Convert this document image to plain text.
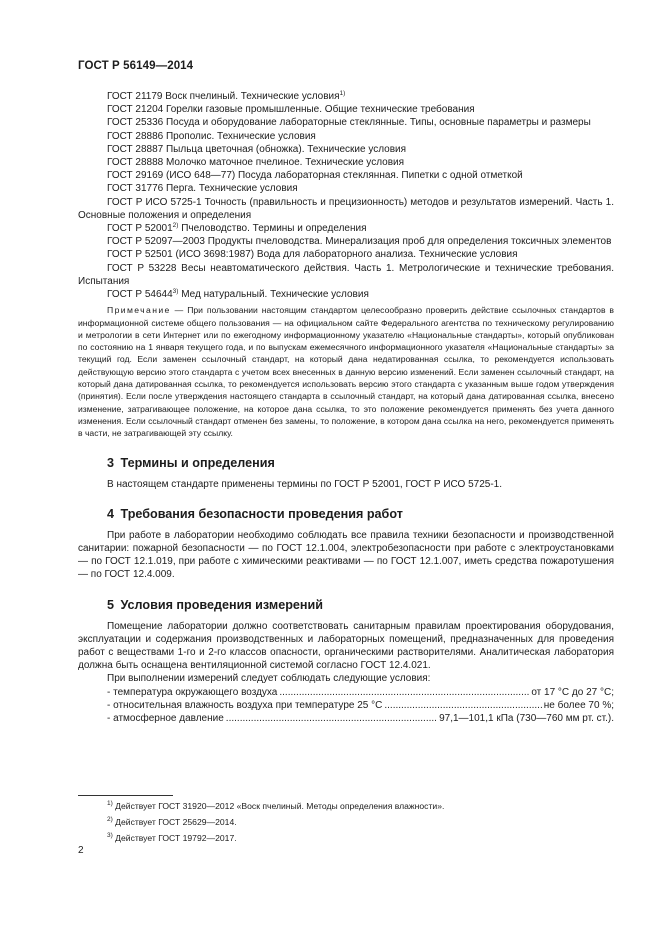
ГОСТ Р 56149—2014

ГОСТ 21179 Воск пчелиный. Технические условия$^{1)}$

ГОСТ 21204 Горелки газовые промышленные. Общие технические требования

ГОСТ 25336 Посуда и оборудование лабораторные стеклянные. Типы, основные параметры и размеры

ГОСТ 28886 Прополис. Технические условия

ГОСТ 28887 Пыльца цветочная (обножка). Технические условия

ГОСТ 28888 Молочко маточное пчелиное. Технические условия

ГОСТ 29169 (ИСО 648—77) Посуда лабораторная стеклянная. Пипетки с одной отметкой

ГОСТ 31776 Перга. Технические условия

ГОСТ Р ИСО 5725-1 Точность (правильность и прецизионность) методов и результатов измерений. Часть 1. Основные положения и определения

ГОСТ Р 52001$^{2)}$ Пчеловодство. Термины и определения

ГОСТ Р 52097—2003 Продукты пчеловодства. Минерализация проб для определения токсичных элементов

ГОСТ Р 52501 (ИСО 3698:1987) Вода для лабораторного анализа. Технические условия

ГОСТ Р 53228 Весы неавтоматического действия. Часть 1. Метрологические и технические требования. Испытания

ГОСТ Р 54644$^{3)}$ Мед натуральный. Технические условия

Примечание — При пользовании настоящим стандартом целесообразно проверить действие ссылочных стандартов в информационной системе общего пользования — на официальном сайте Федерального агентства по техническому регулированию и метрологии в сети Интернет или по ежегодному информационному указателю «Национальные стандарты», который опубликован по состоянию на 1 января текущего года, и по выпускам ежемесячного информационного указателя «Национальные стандарты» за текущий год. Если заменен ссылочный стандарт, на который дана недатированная ссылка, то рекомендуется использовать действующую версию этого стандарта с учетом всех внесенных в данную версию изменений. Если заменен ссылочный стандарт, на который дана датированная ссылка, то рекомендуется использовать версию этого стандарта с указанным выше годом утверждения (принятия). Если после утверждения настоящего стандарта в ссылочный стандарт, на который дана датированная ссылка, внесено изменение, затрагивающее положение, на которое дана ссылка, то это положение рекомендуется применять без учета данного изменения. Если ссылочный стандарт отменен без замены, то положение, в котором дана ссылка на него, рекомендуется применять в части, не затрагивающей эту ссылку.

3 Термины и определения

В настоящем стандарте применены термины по ГОСТ Р 52001, ГОСТ Р ИСО 5725-1.

4 Требования безопасности проведения работ

При работе в лаборатории необходимо соблюдать все правила техники безопасности и производственной санитарии: пожарной безопасности — по ГОСТ 12.1.004, электробезопасности при работе с электроустановками — по ГОСТ 12.1.019, при работе с химическими реактивами — по ГОСТ 12.1.007, иметь средства пожаротушения — по ГОСТ 12.4.009.

5 Условия проведения измерений

Помещение лаборатории должно соответствовать санитарным правилам проектирования оборудования, эксплуатации и содержания производственных и лабораторных помещений, предназначенных для проведения работ с веществами 1-го и 2-го классов опасности, органическими растворителями. Аналитическая лаборатория должна быть оснащена вентиляционной системой согласно ГОСТ 12.4.021.

При выполнении измерений следует соблюдать следующие условия:

- температура окружающего воздуха .....	от 17 °С до 27 °С;
- относительная влажность воздуха при температуре 25 °С .....	не более 70 %;
- атмосферное давление .....	97,1—101,1 кПа (730—760 мм рт. ст.).
$^{1)}$ Действует ГОСТ 31920—2012 «Воск пчелиный. Методы определения влажности».
$^{2)}$ Действует ГОСТ 25629—2014.
$^{3)}$ Действует ГОСТ 19792—2017.
2
